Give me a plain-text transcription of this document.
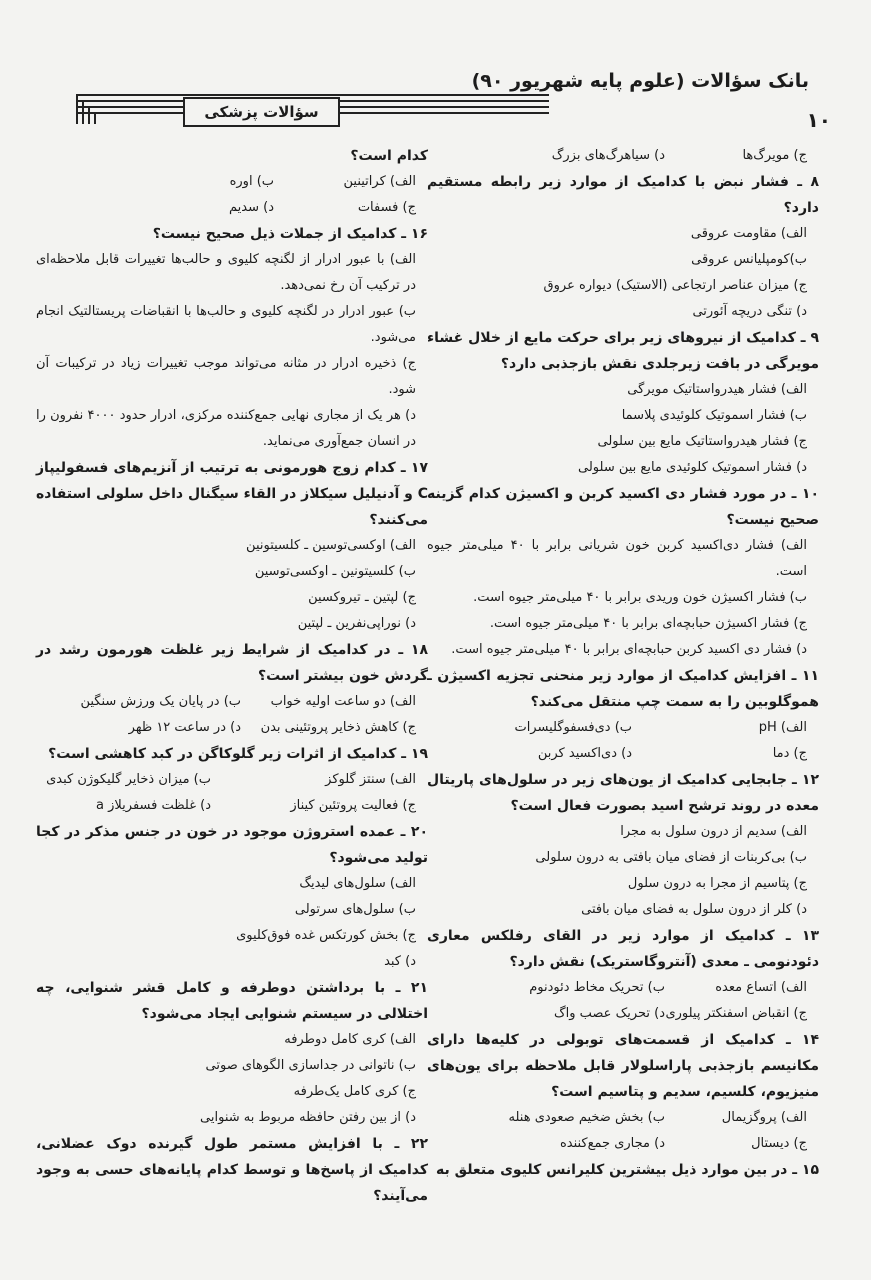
بانک سؤالات (علوم پایه شهریور ۹۰)
۱۰
سؤالات پزشکی
ج) مویرگ‌ها
د) سیاهرگ‌های بزرگ
۸ ـ فشار نبض با کدامیک از موارد زیر رابطه مستقیم دارد؟
الف) مقاومت عروقی
ب)کومپلیانس عروقی
ج) میزان عناصر ارتجاعی (الاستیک) دیواره عروق
د) تنگی دریچه آئورتی
۹ ـ کدامیک از نیروهای زیر برای حرکت مایع از خلال غشاء مویرگی در بافت زیرجلدی نقش بازجذبی دارد؟
الف) فشار هیدرواستاتیک مویرگی
ب) فشار اسموتیک کلوئیدی پلاسما
ج) فشار هیدرواستاتیک مایع بین سلولی
د) فشار اسموتیک کلوئیدی مایع بین سلولی
۱۰ ـ در مورد فشار دی اکسید کربن و اکسیژن کدام گزینه صحیح نیست؟
الف) فشار دی‌اکسید کربن خون شریانی برابر با ۴۰ میلی‌متر جیوه است.
ب) فشار اکسیژن خون وریدی برابر با ۴۰ میلی‌متر جیوه است.
ج) فشار اکسیژن حبابچه‌ای برابر با ۴۰ میلی‌متر جیوه است.
د) فشار دی اکسید کربن حبابچه‌ای برابر با ۴۰ میلی‌متر جیوه است.
۱۱ ـ افزایش کدامیک از موارد زیر منحنی تجزیه اکسیژن ـ هموگلوبین را به سمت چپ منتقل می‌کند؟
الف) pH
ب) دی‌فسفوگلیسرات
ج) دما
د) دی‌اکسید کربن
۱۲ ـ جابجایی کدامیک از یون‌های زیر در سلول‌های پاریتال معده در روند ترشح اسید بصورت فعال است؟
الف) سدیم از درون سلول به مجرا
ب) بی‌کربنات از فضای میان بافتی به درون سلولی
ج) پتاسیم از مجرا به درون سلول
د) کلر از درون سلول به فضای میان بافتی
۱۳ ـ کدامیک از موارد زیر در القای رفلکس معاری دئودنومی ـ معدی (آنتروگاستریک) نقش دارد؟
الف) اتساع معده
ب) تحریک مخاط دئودنوم
ج) انقباض اسفنکتر پیلوری
د) تحریک عصب واگ
۱۴ ـ کدامیک از قسمت‌های توبولی در کلیه‌ها دارای مکانیسم بازجذبی پاراسلولار قابل ملاحظه برای یون‌های منیزیوم، کلسیم، سدیم و پتاسیم است؟
الف) پروگزیمال
ب) بخش ضخیم صعودی هنله
ج) دیستال
د) مجاری جمع‌کننده
۱۵ ـ در بین موارد ذیل بیشترین کلیرانس کلیوی متعلق به
کدام است؟
الف) کراتینین
ب) اوره
ج) فسفات
د) سدیم
۱۶ ـ کدامیک از جملات ذیل صحیح نیست؟
الف) با عبور ادرار از لگنچه کلیوی و حالب‌ها تغییرات قابل ملاحظه‌ای در ترکیب آن رخ نمی‌دهد.
ب) عبور ادرار در لگنچه کلیوی و حالب‌ها با انقباضات پریستالتیک انجام می‌شود.
ج) ذخیره ادرار در مثانه می‌تواند موجب تغییرات زیاد در ترکیبات آن شود.
د) هر یک از مجاری نهایی جمع‌کننده مرکزی، ادرار حدود ۴۰۰۰ نفرون را در انسان جمع‌آوری می‌نماید.
۱۷ ـ کدام زوج هورمونی به ترتیب از آنزیم‌های فسفولیپاز C و آدنیلیل سیکلاز در القاء سیگنال داخل سلولی استفاده می‌کنند؟
الف) اوکسی‌توسین ـ کلسیتونین
ب) کلسیتونین ـ اوکسی‌توسین
ج) لپتین ـ تیروکسین
د) نوراپی‌نفرین ـ لپتین
۱۸ ـ در کدامیک از شرایط زیر غلظت هورمون رشد در گردش خون بیشتر است؟
الف) دو ساعت اولیه خواب
ب) در پایان یک ورزش سنگین
ج) کاهش ذخایر پروتئینی بدن
د) در ساعت ۱۲ ظهر
۱۹ ـ کدامیک از اثرات زیر گلوکاگن در کبد کاهشی است؟
الف) سنتز گلوکز
ب) میزان ذخایر گلیکوژن کبدی
ج) فعالیت پروتئین کیناز
د) غلظت فسفریلاز a
۲۰ ـ عمده استروژن موجود در خون در جنس مذکر در کجا تولید می‌شود؟
الف) سلول‌های لیدیگ
ب) سلول‌های سرتولی
ج) بخش کورتکس غده فوق‌کلیوی
د) کبد
۲۱ ـ با برداشتن دوطرفه و کامل قشر شنوایی، چه اختلالی در سیستم شنوایی ایجاد می‌شود؟
الف) کری کامل دوطرفه
ب) ناتوانی در جداسازی الگوهای صوتی
ج) کری کامل یک‌طرفه
د) از بین رفتن حافظه مربوط به شنوایی
۲۲ ـ با افزایش مستمر طول گیرنده دوک عضلانی، کدامیک از پاسخ‌ها و توسط کدام پایانه‌های حسی به وجود می‌آیند؟
